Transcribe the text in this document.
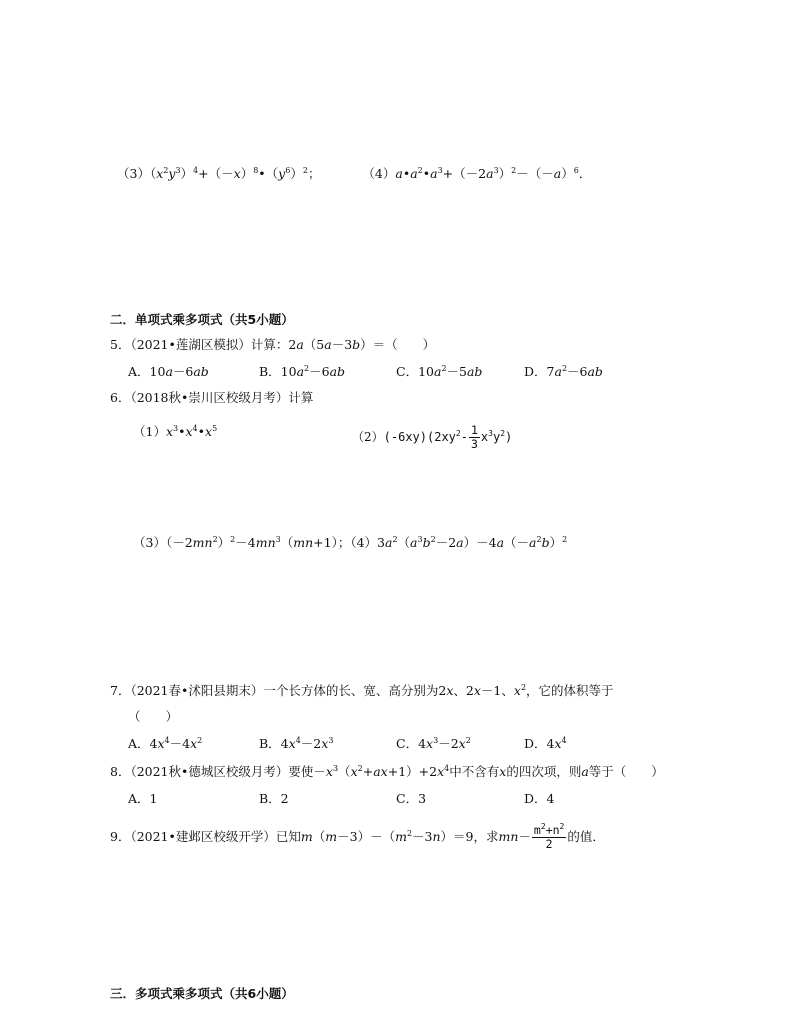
$(3)(x^2y^3)^4+(-x)^8•(y^6)^2$；	$(4)a•a^2•a^3+(-2a^3)^2-(-a)^6$．
二．单项式乘多项式（共5小题）
5．（2021•莲湖区模拟）计算：2a（5a－3b）＝（　　）
A．10a－6ab	B．$10a^2-6ab$	C．$10a^2-5ab$	D．$7a^2-6ab$
6．（2018秋•崇川区校级月考）计算
$(1)x^3•x^4•x^5$
$(2)(-6xy)(2xy^2- \frac{1}{3} x^3y^2)$
$(3)(-2mn^2)^2-4mn^3(mn+1)$；$(4)3a^2(a^3b^2-2a)-4a(-a^2b)^2$
7．（2021春•沭阳县期末）一个长方体的长、宽、高分别为2x、2x－1、$x^2$，它的体积等于
（　　）
A．$4x^4-4x^2$	B．$4x^4-2x^3$	C．$4x^3-2x^2$	D．$4x^4$
8．（2021秋•德城区校级月考）要使$-x^3(x^2+ax+1)+2x^4$中不含有x的四次项，则a等于（　　）
A．1	B．2	C．3	D．4
9．（2021•建邺区校级开学）已知$m(m-3)-(m^2-3n)=9$，求$mn- \frac{m^2+n^2}{2}$ 的值．
三．多项式乘多项式（共6小题）
